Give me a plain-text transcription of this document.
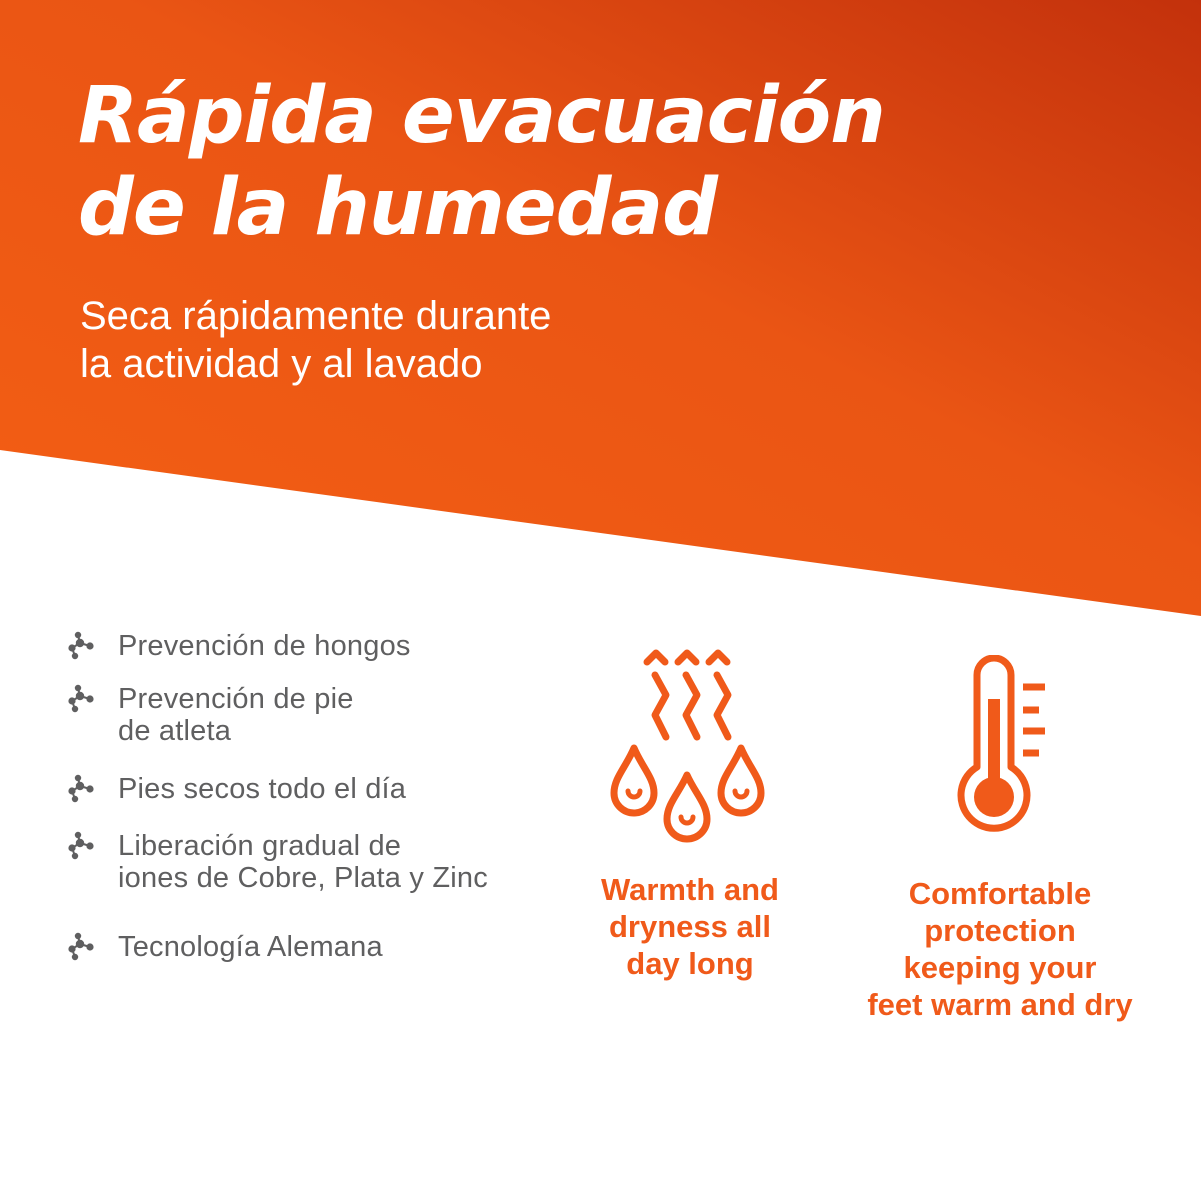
Rápida evacuación
de la humedad

Seca rápidamente durante
la actividad y al lavado

Prevención de hongos
Prevención de pie
de atleta
Pies secos todo el día
Liberación gradual de
iones de Cobre, Plata y Zinc
Tecnología Alemana
Warmth and
dryness all
day long
Comfortable
protection
keeping your
feet warm and dry
